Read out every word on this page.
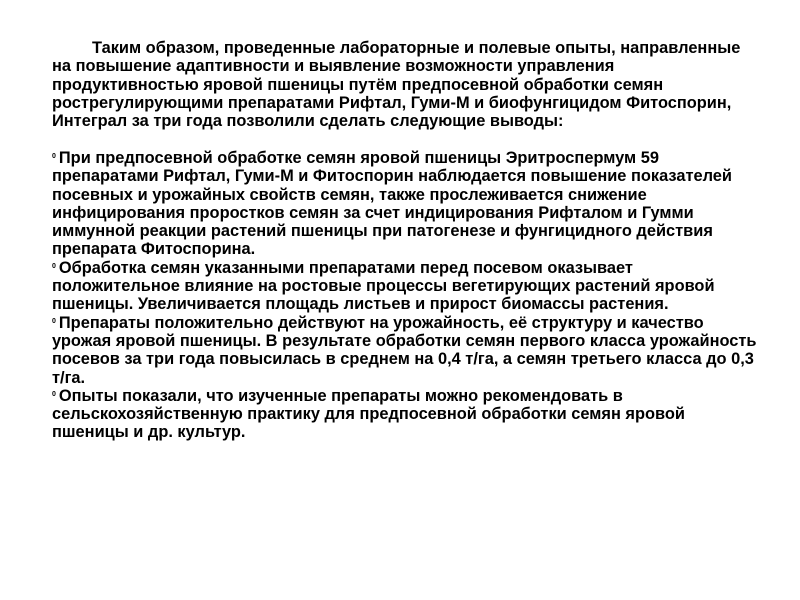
Таким образом, проведенные лабораторные и полевые опыты, направленные на повышение адаптивности и выявление возможности управления продуктивностью яровой пшеницы путём предпосевной обработки семян рострегулирующими препаратами Рифтал, Гуми-М и биофунгицидом Фитоспорин, Интеграл за три года позволили сделать следующие выводы:

0 При предпосевной обработке семян яровой пшеницы Эритроспермум 59 препаратами Рифтал, Гуми-М и Фитоспорин наблюдается повышение показателей посевных и урожайных свойств семян, также прослеживается снижение инфицирования проростков семян за счет индицирования Рифталом и Гумми иммунной реакции растений пшеницы при патогенезе и фунгицидного действия препарата Фитоспорина.

0 Обработка семян указанными препаратами перед посевом оказывает положительное влияние на ростовые процессы вегетирующих растений яровой пшеницы. Увеличивается площадь листьев и прирост биомассы растения.

0 Препараты положительно действуют на урожайность, её структуру и качество урожая яровой пшеницы. В результате обработки семян первого класса урожайность посевов за три года повысилась в среднем на 0,4 т/га, а семян третьего класса до 0,3 т/га.

0 Опыты показали, что изученные препараты можно рекомендовать в сельскохозяйственную практику для предпосевной обработки семян яровой пшеницы и др. культур.
